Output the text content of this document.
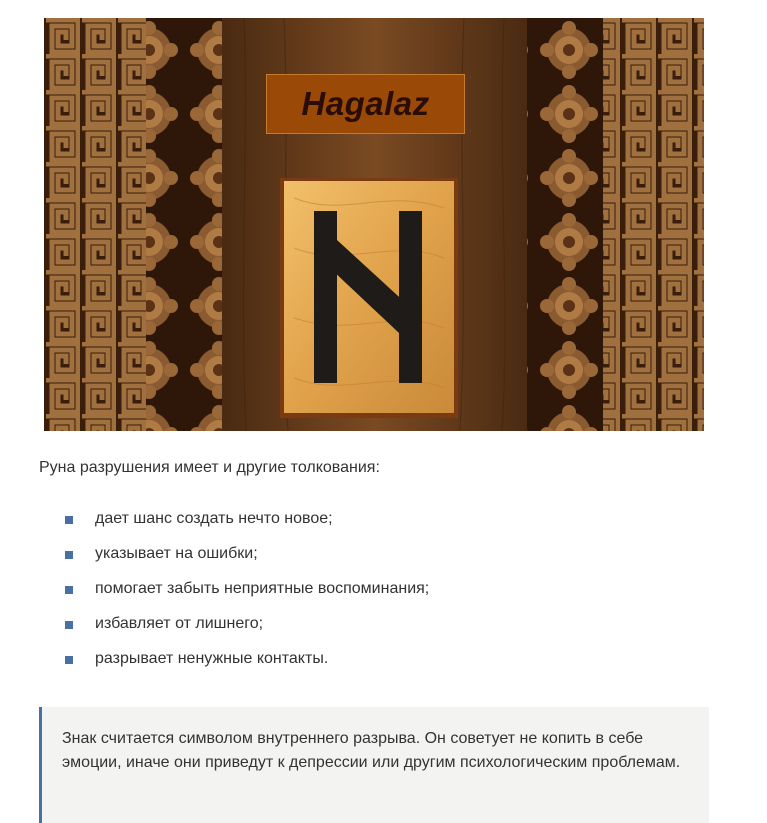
Hagalaz

Руна разрушения имеет и другие толкования:

дает шанс создать нечто новое;
указывает на ошибки;
помогает забыть неприятные воспоминания;
избавляет от лишнего;
разрывает ненужные контакты.

Знак считается символом внутреннего разрыва. Он советует не копить в себе эмоции, иначе они приведут к депрессии или другим психологическим проблемам.
